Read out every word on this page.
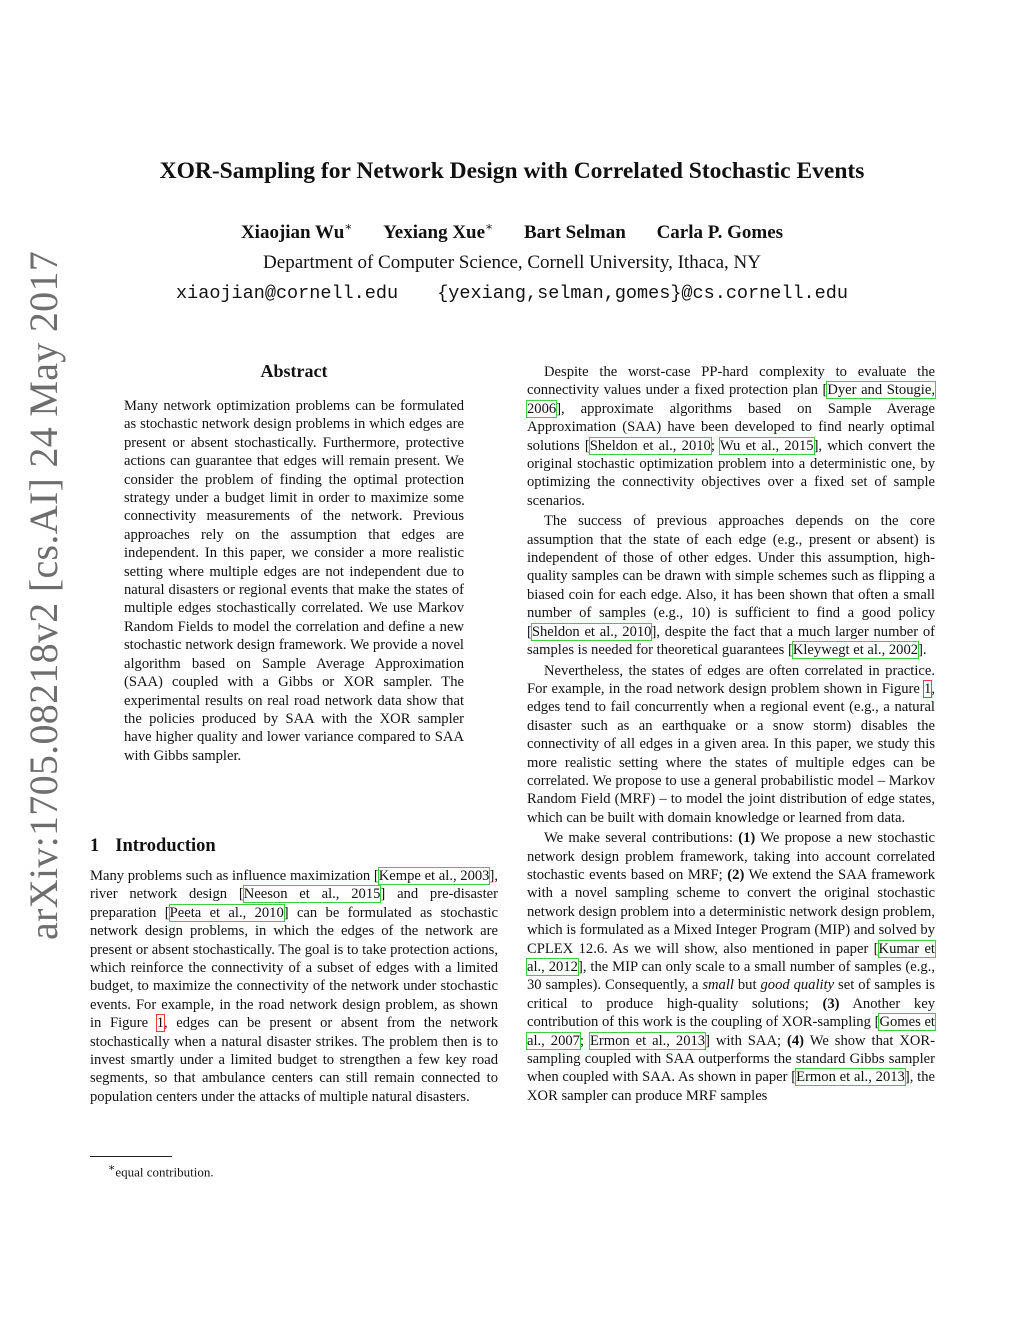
arXiv:1705.08218v2 [cs.AI] 24 May 2017
XOR-Sampling for Network Design with Correlated Stochastic Events
Xiaojian Wu∗ Yexiang Xue∗ Bart Selman Carla P. Gomes
Department of Computer Science, Cornell University, Ithaca, NY
xiaojian@cornell.edu {yexiang,selman,gomes}@cs.cornell.edu
Abstract
Many network optimization problems can be formulated as stochastic network design problems in which edges are present or absent stochastically. Furthermore, protective actions can guarantee that edges will remain present. We consider the problem of finding the optimal protection strategy under a budget limit in order to maximize some connectivity measurements of the network. Previous approaches rely on the assumption that edges are independent. In this paper, we consider a more realistic setting where multiple edges are not independent due to natural disasters or regional events that make the states of multiple edges stochastically correlated. We use Markov Random Fields to model the correlation and define a new stochastic network design framework. We provide a novel algorithm based on Sample Average Approximation (SAA) coupled with a Gibbs or XOR sampler. The experimental results on real road network data show that the policies produced by SAA with the XOR sampler have higher quality and lower variance compared to SAA with Gibbs sampler.
1 Introduction

Many problems such as influence maximization [Kempe et al., 2003], river network design [Neeson et al., 2015] and pre-disaster preparation [Peeta et al., 2010] can be formulated as stochastic network design problems, in which the edges of the network are present or absent stochastically. The goal is to take protection actions, which reinforce the connectivity of a subset of edges with a limited budget, to maximize the connectivity of the network under stochastic events. For example, in the road network design problem, as shown in Figure 1, edges can be present or absent from the network stochastically when a natural disaster strikes. The problem then is to invest smartly under a limited budget to strengthen a few key road segments, so that ambulance centers can still remain connected to population centers under the attacks of multiple natural disasters.

∗equal contribution.

Despite the worst-case PP-hard complexity to evaluate the connectivity values under a fixed protection plan [Dyer and Stougie, 2006], approximate algorithms based on Sample Average Approximation (SAA) have been developed to find nearly optimal solutions [Sheldon et al., 2010; Wu et al., 2015], which convert the original stochastic optimization problem into a deterministic one, by optimizing the connectivity objectives over a fixed set of sample scenarios.

The success of previous approaches depends on the core assumption that the state of each edge (e.g., present or absent) is independent of those of other edges. Under this assumption, high-quality samples can be drawn with simple schemes such as flipping a biased coin for each edge. Also, it has been shown that often a small number of samples (e.g., 10) is sufficient to find a good policy [Sheldon et al., 2010], despite the fact that a much larger number of samples is needed for theoretical guarantees [Kleywegt et al., 2002].

Nevertheless, the states of edges are often correlated in practice. For example, in the road network design problem shown in Figure 1, edges tend to fail concurrently when a regional event (e.g., a natural disaster such as an earthquake or a snow storm) disables the connectivity of all edges in a given area. In this paper, we study this more realistic setting where the states of multiple edges can be correlated. We propose to use a general probabilistic model – Markov Random Field (MRF) – to model the joint distribution of edge states, which can be built with domain knowledge or learned from data.

We make several contributions: (1) We propose a new stochastic network design problem framework, taking into account correlated stochastic events based on MRF; (2) We extend the SAA framework with a novel sampling scheme to convert the original stochastic network design problem into a deterministic network design problem, which is formulated as a Mixed Integer Program (MIP) and solved by CPLEX 12.6. As we will show, also mentioned in paper [Kumar et al., 2012], the MIP can only scale to a small number of samples (e.g., 30 samples). Consequently, a small but good quality set of samples is critical to produce high-quality solutions; (3) Another key contribution of this work is the coupling of XOR-sampling [Gomes et al., 2007; Ermon et al., 2013] with SAA; (4) We show that XOR-sampling coupled with SAA outperforms the standard Gibbs sampler when coupled with SAA. As shown in paper [Ermon et al., 2013], the XOR sampler can produce MRF samples
